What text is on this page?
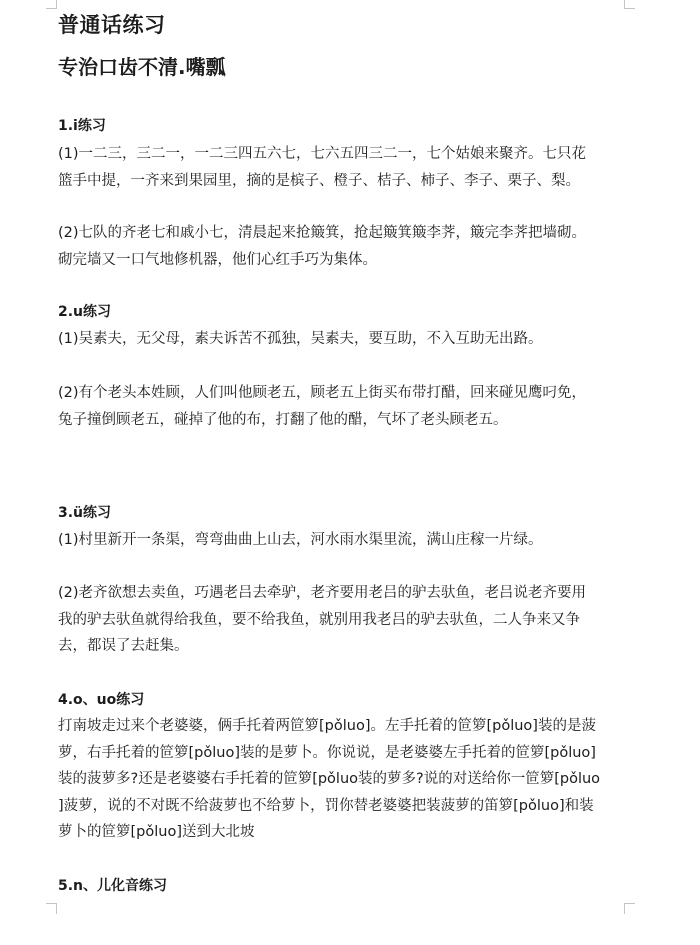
普通话练习
专治口齿不清.嘴瓢
1.i练习

(1)一二三，三二一，一二三四五六七，七六五四三二一，七个姑娘来聚齐。七只花
篮手中提，一齐来到果园里，摘的是槟子、橙子、桔子、柿子、李子、栗子、梨。

(2)七队的齐老七和戚小七，清晨起来抢簸箕，抢起簸箕簸李荠，簸完李荠把墙砌。
砌完墙又一口气地修机器，他们心红手巧为集体。

2.u练习

(1)吴素夫，无父母，素夫诉苦不孤独，吴素夫，要互助，不入互助无出路。

(2)有个老头本姓顾，人们叫他顾老五，顾老五上街买布带打醋，回来碰见鹰叼免，
兔子撞倒顾老五，碰掉了他的布，打翻了他的醋，气坏了老头顾老五。

3.ü练习

(1)村里新开一条渠，弯弯曲曲上山去，河水雨水渠里流，满山庄稼一片绿。

(2)老齐欲想去卖鱼，巧遇老吕去牵驴，老齐要用老吕的驴去驮鱼，老吕说老齐要用
我的驴去驮鱼就得给我鱼，要不给我鱼，就别用我老吕的驴去驮鱼，二人争来又争
去，都误了去赶集。

4.o、uo练习

打南坡走过来个老婆婆，俩手托着两笸箩[pǒluo]。左手托着的笸箩[pǒluo]装的是菠
萝，右手托着的笸箩[pǒluo]装的是萝卜。你说说，是老婆婆左手托着的笸箩[pǒluo]
装的菠萝多?还是老婆婆右手托着的笸箩[pǒluo装的萝多?说的对送给你一笸箩[pǒluo
]菠萝，说的不对既不给菠萝也不给萝卜，罚你替老婆婆把装菠萝的笛箩[pǒluo]和装
萝卜的笸箩[pǒluo]送到大北坡

5.n、儿化音练习
